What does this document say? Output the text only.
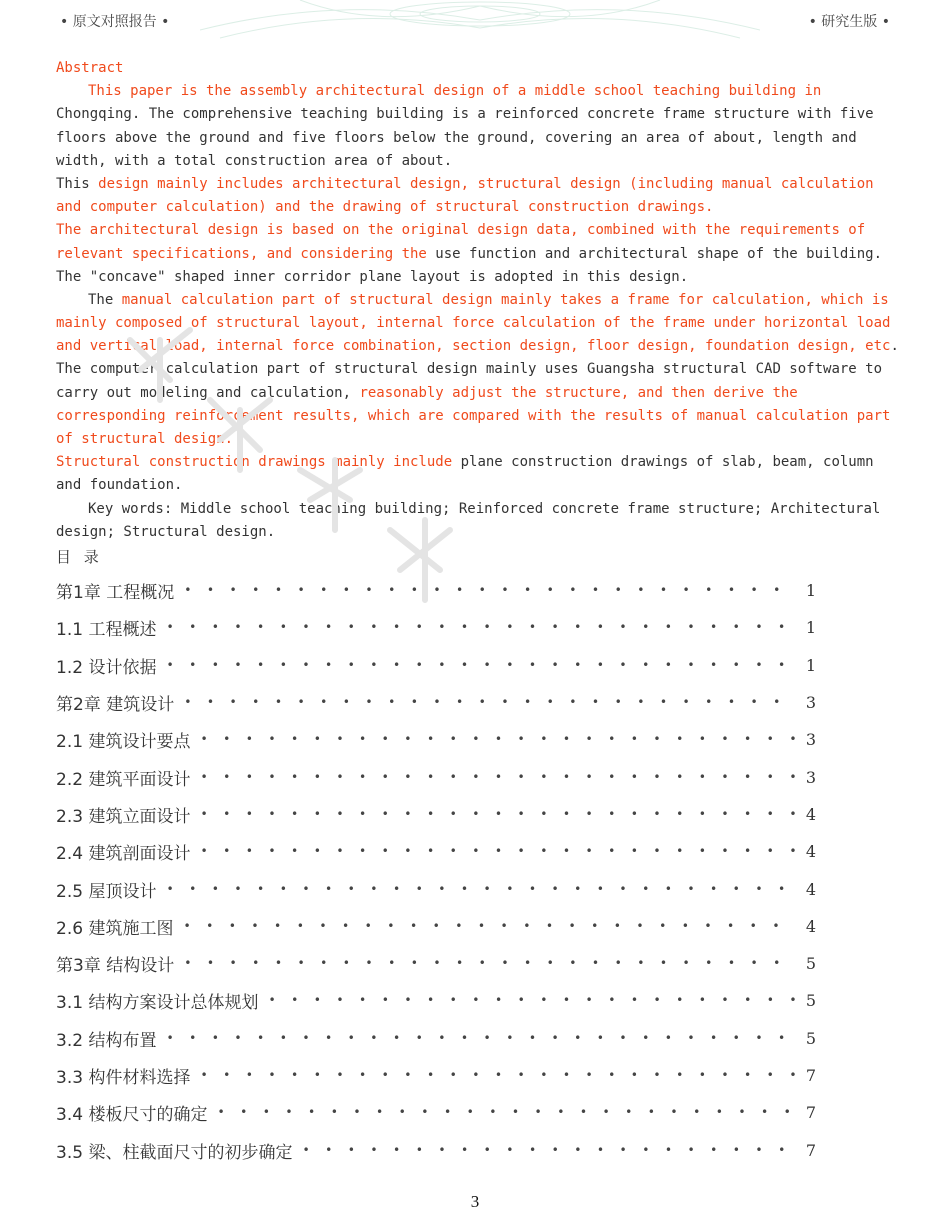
• 原文对照报告 •	• 研究生版 •
Abstract
This paper is the assembly architectural design of a middle school teaching building in
Chongqing. The comprehensive teaching building is a reinforced concrete frame structure with five
floors above the ground and five floors below the ground, covering an area of about, length and
width, with a total construction area of about.
This design mainly includes architectural design, structural design (including manual calculation
and computer calculation) and the drawing of structural construction drawings.
The architectural design is based on the original design data, combined with the requirements of
relevant specifications, and considering the use function and architectural shape of the building.
The "concave" shaped inner corridor plane layout is adopted in this design.
The manual calculation part of structural design mainly takes a frame for calculation, which is
mainly composed of structural layout, internal force calculation of the frame under horizontal load
and vertical load, internal force combination, section design, floor design, foundation design, etc.
The computer calculation part of structural design mainly uses Guangsha structural CAD software to
carry out modeling and calculation, reasonably adjust the structure, and then derive the
corresponding reinforcement results, which are compared with the results of manual calculation part
of structural design.
Structural construction drawings mainly include plane construction drawings of slab, beam, column
and foundation.
Key words: Middle school teaching building; Reinforced concrete frame structure; Architectural
design; Structural design.
目 录
第1章 工程概况 • • •	1
1.1 工程概述 • • •	1
1.2 设计依据 • • •	1
第2章 建筑设计 • • •	3
2.1 建筑设计要点 • • •	3
2.2 建筑平面设计 • • •	3
2.3 建筑立面设计 • • •	4
2.4 建筑剖面设计 • • •	4
2.5 屋顶设计 • • •	4
2.6 建筑施工图 • • •	4
第3章 结构设计 • • •	5
3.1 结构方案设计总体规划 • • •	5
3.2 结构布置 • • •	5
3.3 构件材料选择 • • •	7
3.4 楼板尺寸的确定 • • •	7
3.5 梁、柱截面尺寸的初步确定 • • •	7
3
